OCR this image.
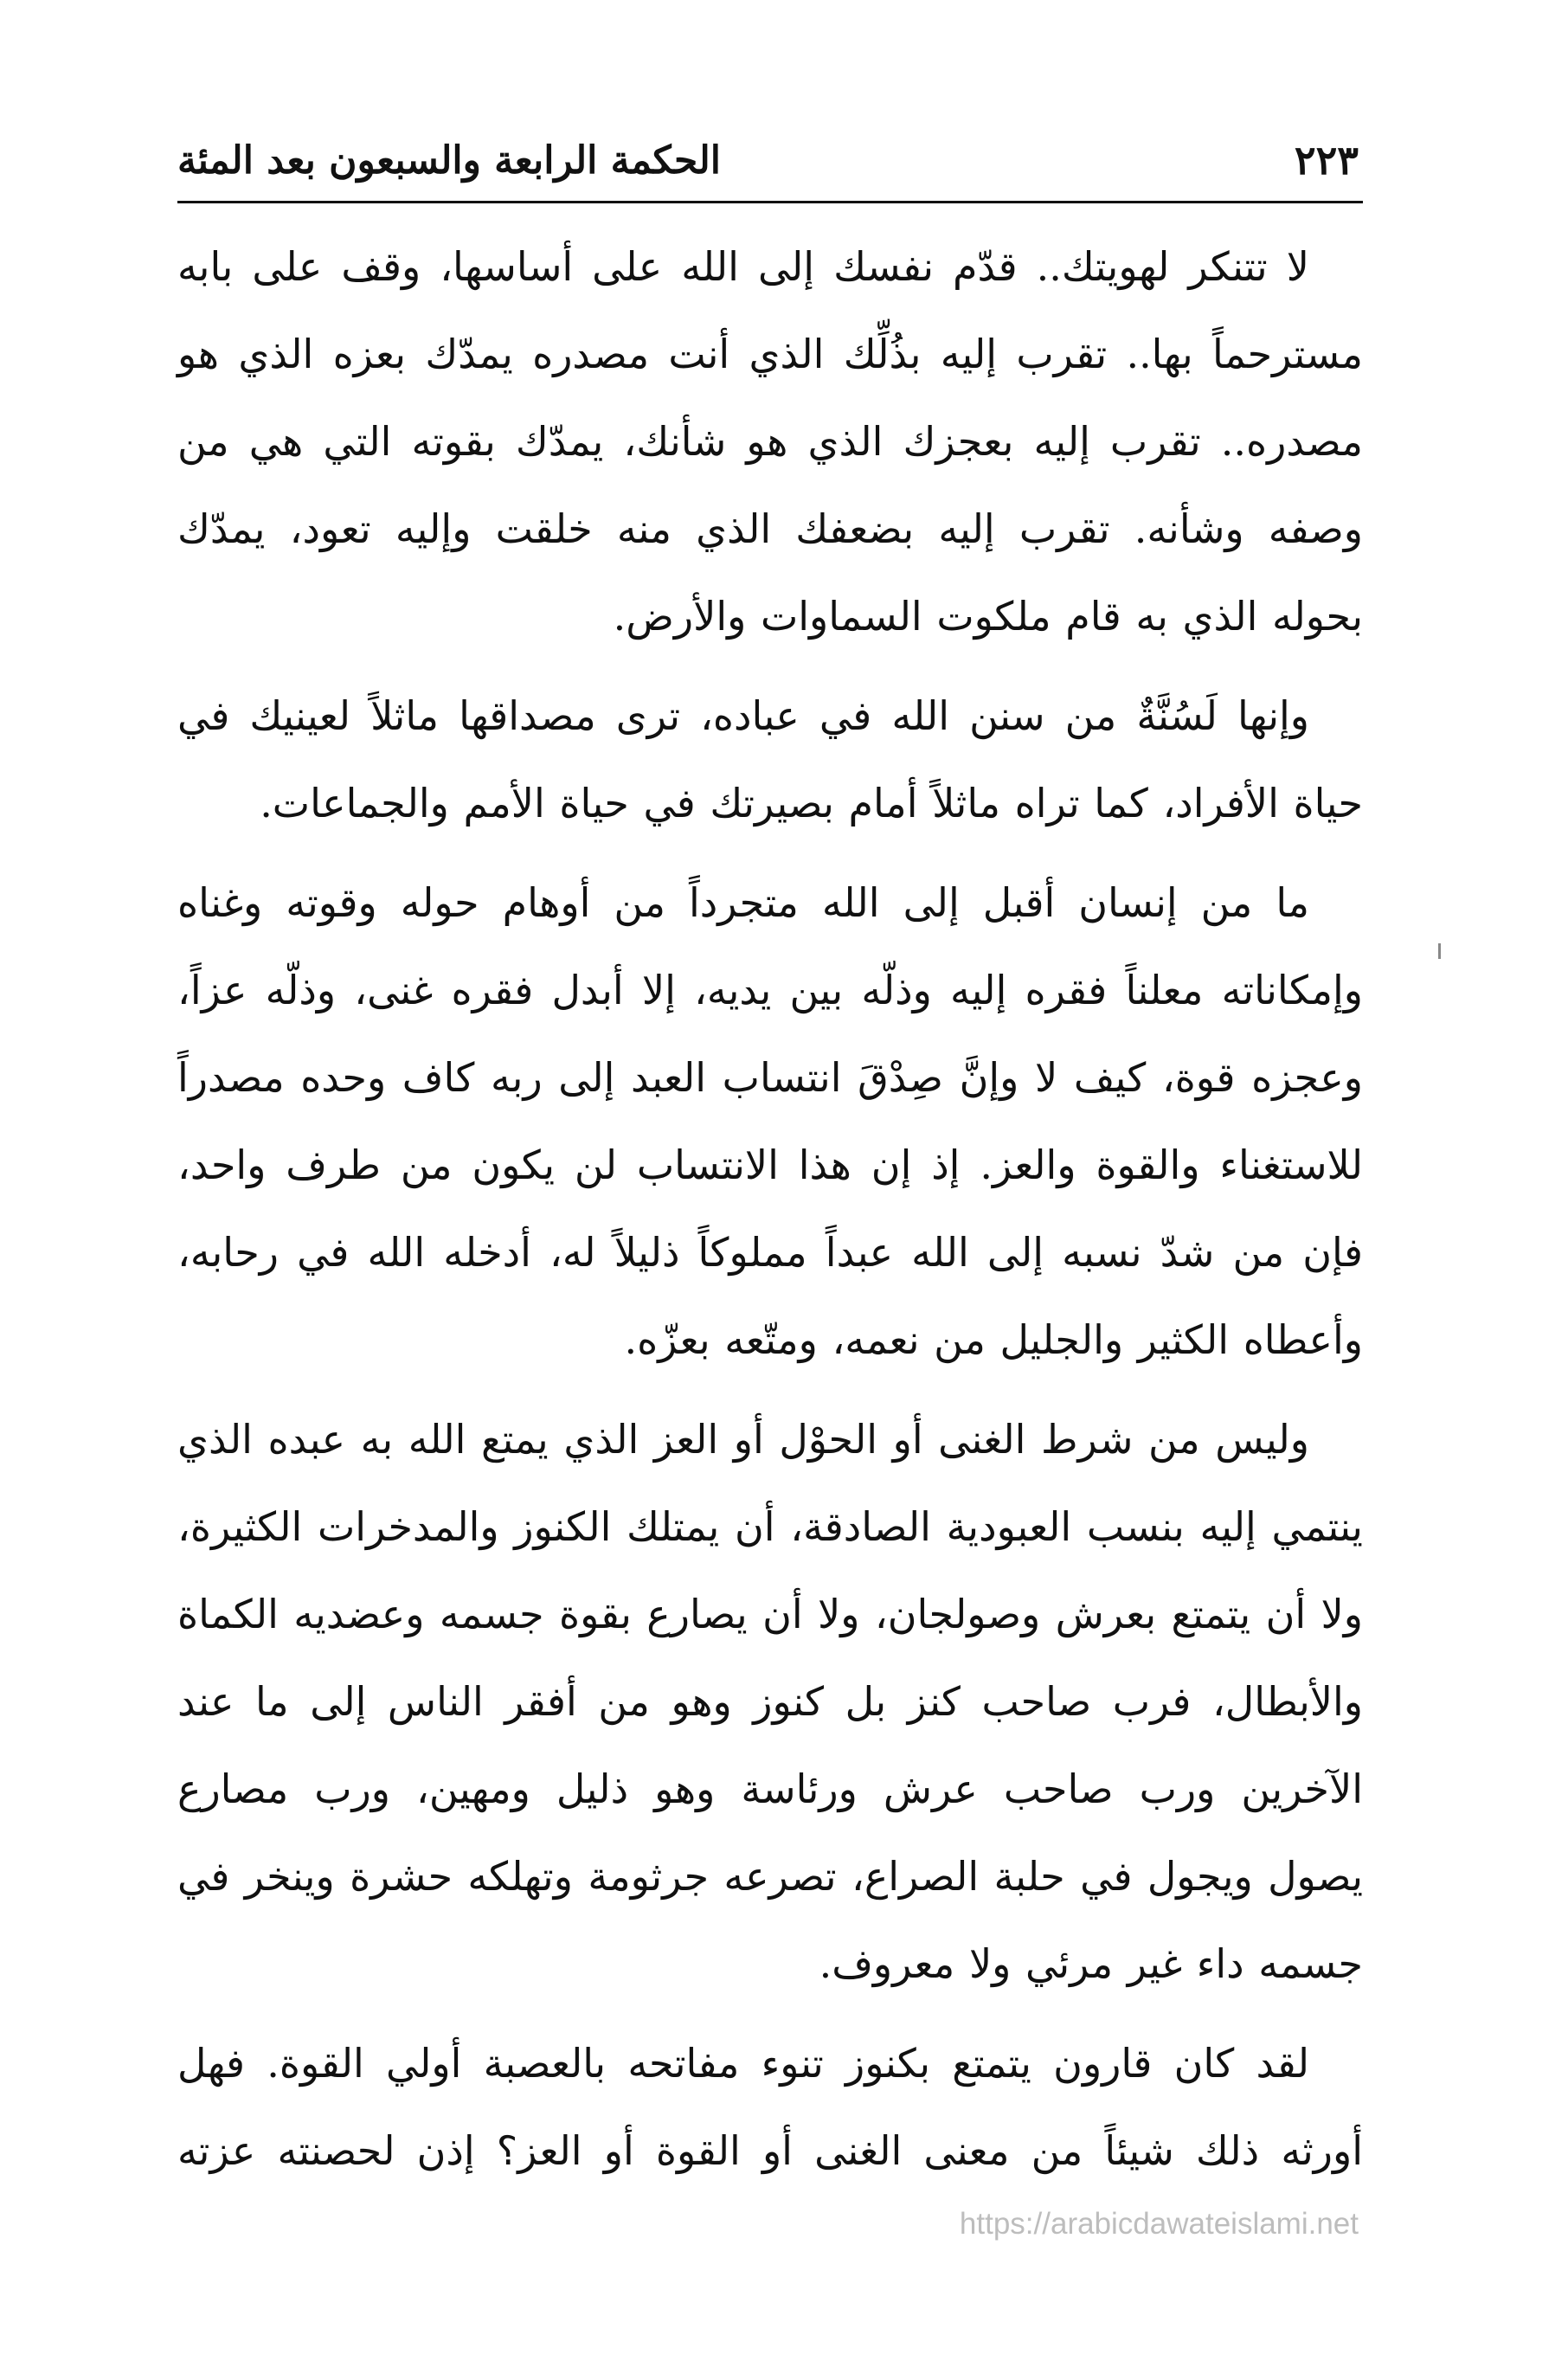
الحكمة الرابعة والسبعون بعد المئة	٢٢٣

لا تتنكر لهويتك.. قدّم نفسك إلى الله على أساسها، وقف على بابه مسترحماً بها.. تقرب إليه بذُلِّك الذي أنت مصدره يمدّك بعزه الذي هو مصدره.. تقرب إليه بعجزك الذي هو شأنك، يمدّك بقوته التي هي من وصفه وشأنه. تقرب إليه بضعفك الذي منه خلقت وإليه تعود، يمدّك بحوله الذي به قام ملكوت السماوات والأرض.

وإنها لَسُنَّةٌ من سنن الله في عباده، ترى مصداقها ماثلاً لعينيك في حياة الأفراد، كما تراه ماثلاً أمام بصيرتك في حياة الأمم والجماعات.

ما من إنسان أقبل إلى الله متجرداً من أوهام حوله وقوته وغناه وإمكاناته معلناً فقره إليه وذلّه بين يديه، إلا أبدل فقره غنى، وذلّه عزاً، وعجزه قوة، كيف لا وإنَّ صِدْقَ انتساب العبد إلى ربه كاف وحده مصدراً للاستغناء والقوة والعز. إذ إن هذا الانتساب لن يكون من طرف واحد، فإن من شدّ نسبه إلى الله عبداً مملوكاً ذليلاً له، أدخله الله في رحابه، وأعطاه الكثير والجليل من نعمه، ومتّعه بعزّه.

وليس من شرط الغنى أو الحوْل أو العز الذي يمتع الله به عبده الذي ينتمي إليه بنسب العبودية الصادقة، أن يمتلك الكنوز والمدخرات الكثيرة، ولا أن يتمتع بعرش وصولجان، ولا أن يصارع بقوة جسمه وعضديه الكماة والأبطال، فرب صاحب كنز بل كنوز وهو من أفقر الناس إلى ما عند الآخرين ورب صاحب عرش ورئاسة وهو ذليل ومهين، ورب مصارع يصول ويجول في حلبة الصراع، تصرعه جرثومة وتهلكه حشرة وينخر في جسمه داء غير مرئي ولا معروف.

لقد كان قارون يتمتع بكنوز تنوء مفاتحه بالعصبة أولي القوة. فهل أورثه ذلك شيئاً من معنى الغنى أو القوة أو العز؟ إذن لحصنته عزته

https://arabicdawateislami.net
